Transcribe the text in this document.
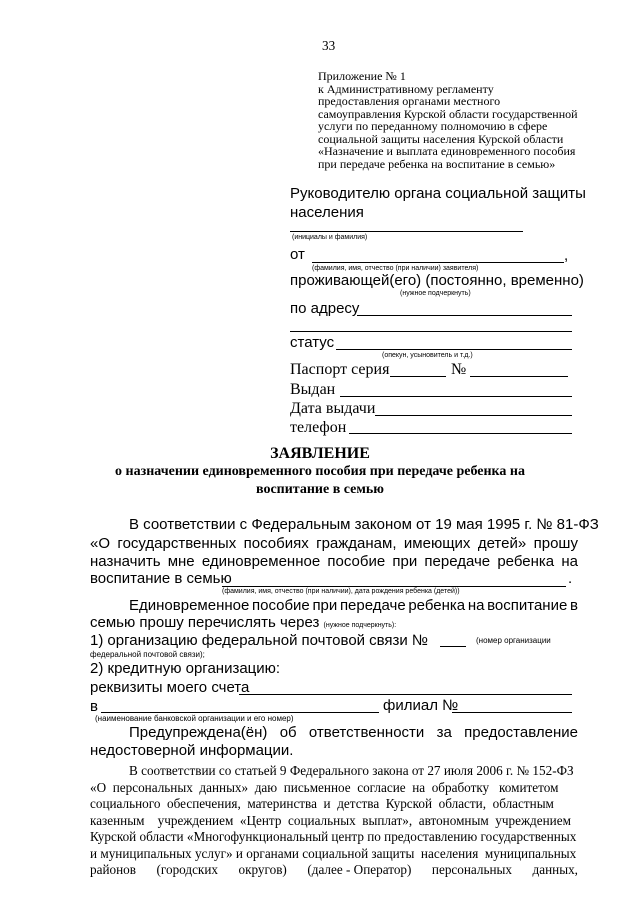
33
Приложение № 1
к Административному регламенту
предоставления органами местного
самоуправления Курской области государственной
услуги по переданному полномочию в сфере
социальной защиты населения Курской области
«Назначение и выплата единовременного пособия
при передаче ребенка на воспитание в семью»
Руководителю органа социальной защиты
населения
(инициалы и фамилия)
от	,
(фамилия, имя, отчество (при наличии) заявителя)
проживающей(его) (постоянно, временно)
(нужное подчеркнуть)
по адресу
статус
(опекун, усыновитель и т.д.)
Паспорт серия	№
Выдан
Дата выдачи
телефон
ЗАЯВЛЕНИЕ
о назначении единовременного пособия при передаче ребенка на
воспитание в семью
В соответствии с Федеральным законом от 19 мая 1995 г. № 81-ФЗ
«О государственных пособиях гражданам, имеющих детей» прошу
назначить мне единовременное пособие при передаче ребенка на
воспитание в семью	.
(фамилия, имя, отчество (при наличии), дата рождения ребенка (детей))
Единовременное пособие при передаче ребенка на воспитание в
семью прошу перечислять через (нужное подчеркнуть):
1) организацию федеральной почтовой связи №	(номер организации
федеральной почтовой связи);
2) кредитную организацию:
реквизиты моего счета
в	филиал №
(наименование банковской организации и его номер)
Предупреждена(ён) об ответственности за предоставление
недостоверной информации.
В соответствии со статьей 9 Федерального закона от 27 июля 2006 г. № 152-ФЗ
«О  персональных  данных»  даю  письменное  согласие  на  обработку   комитетом
социального  обеспечения,  материнства  и  детства  Курской  области,  областным
казенным    учреждением  «Центр  социальных  выплат»,  автономным  учреждением
Курской области «Многофункциональный центр по предоставлению государственных
и муниципальных услуг» и органами социальной защиты  населения  муниципальных
районов (городских округов) (далее - Оператор) персональных данных,
